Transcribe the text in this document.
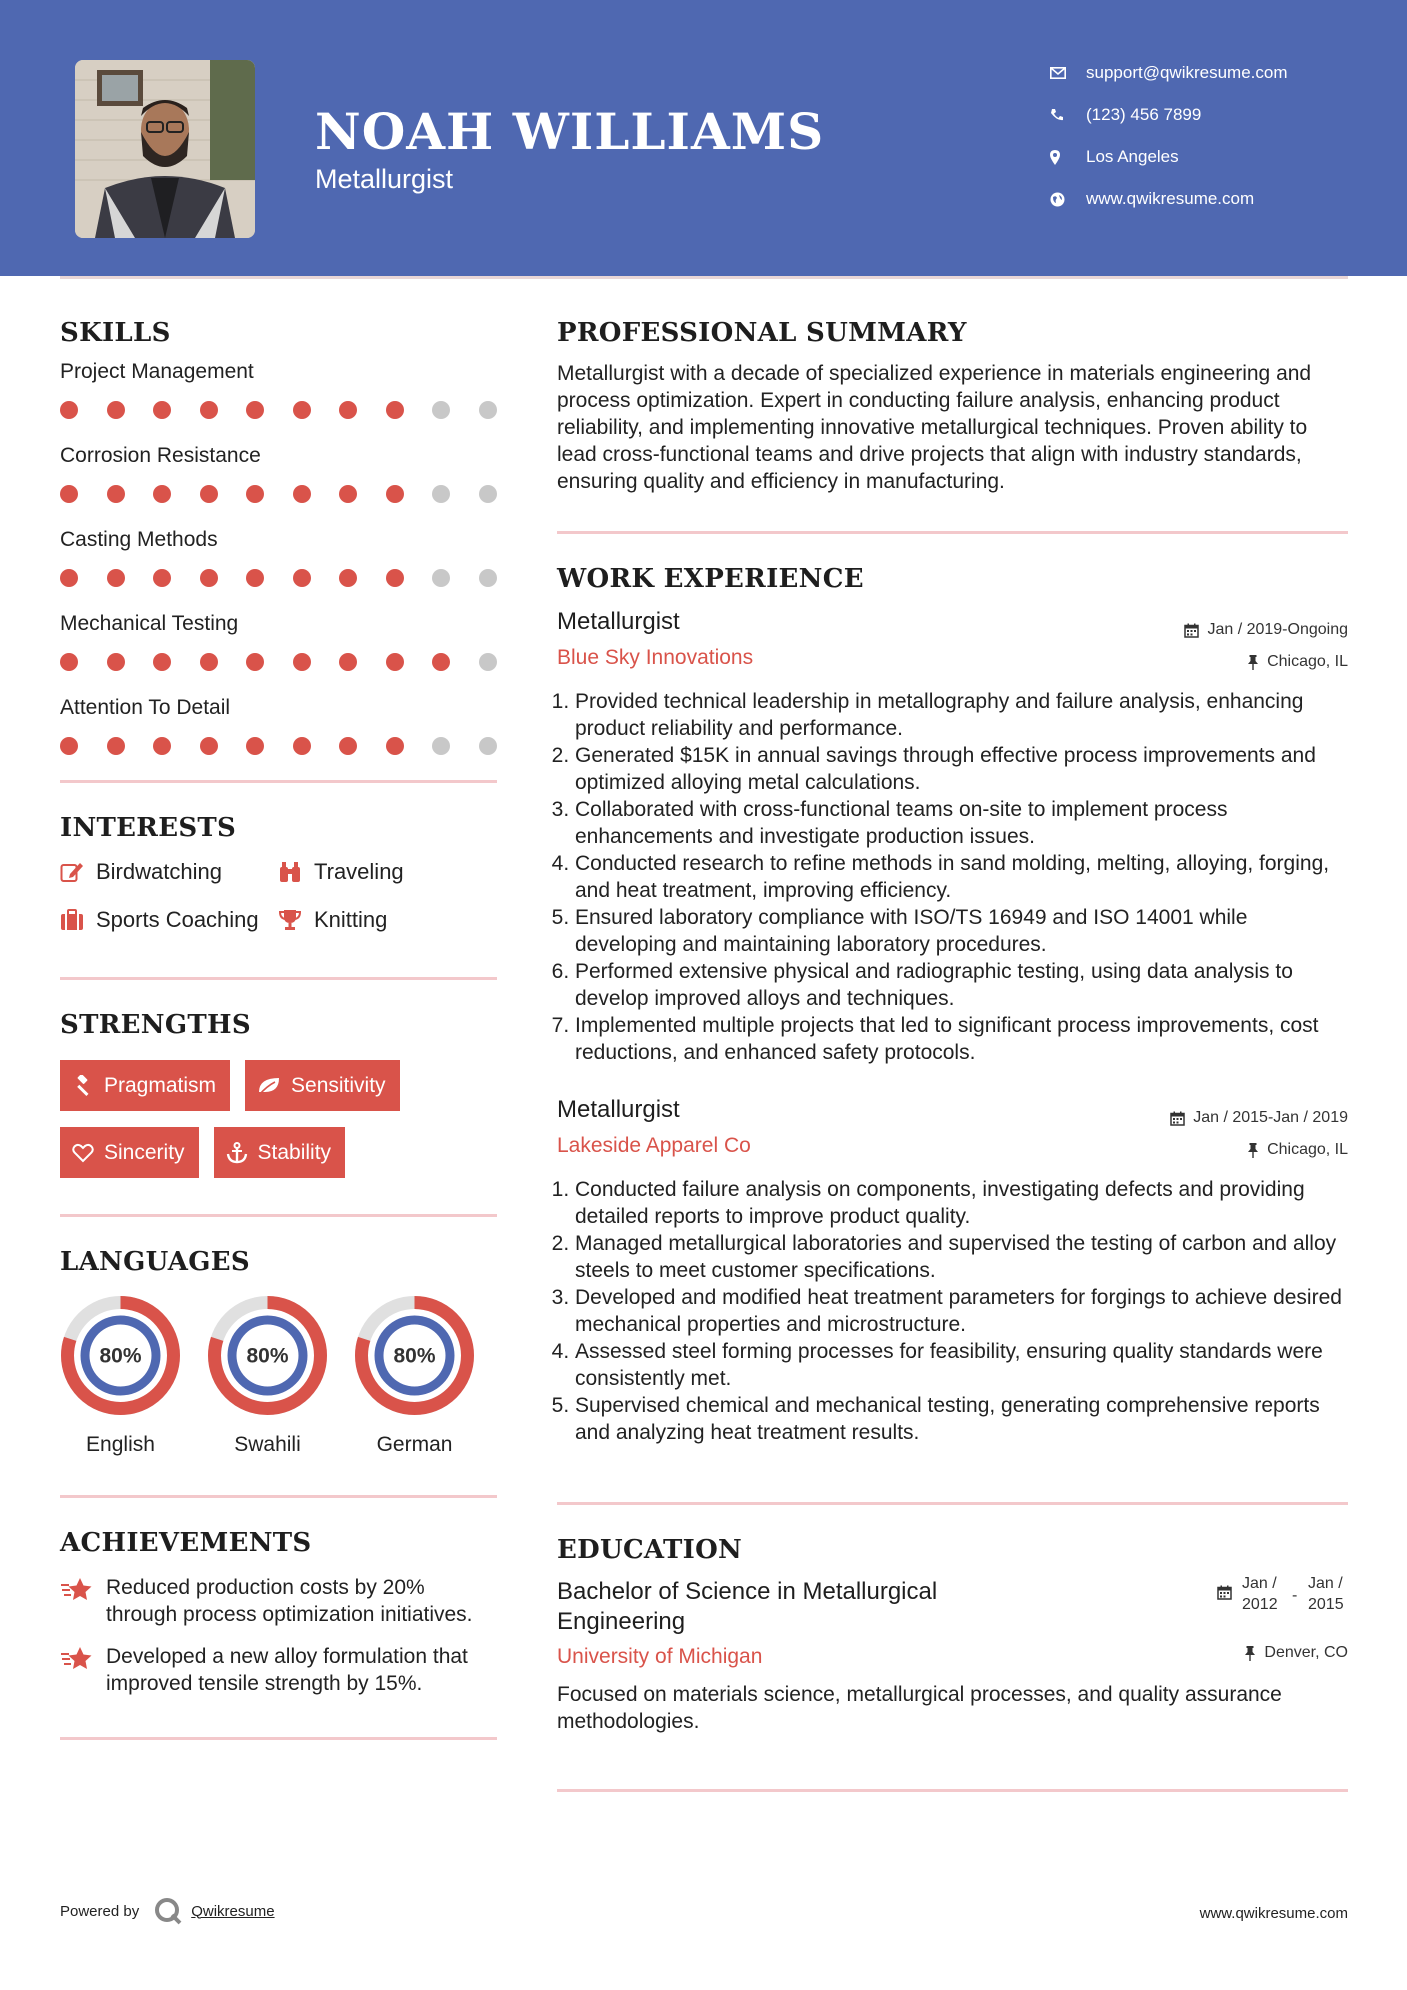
NOAH WILLIAMS
Metallurgist
support@qwikresume.com
(123) 456 7899
Los Angeles
www.qwikresume.com
SKILLS
Project Management
Corrosion Resistance
Casting Methods
Mechanical Testing
Attention To Detail
INTERESTS
Birdwatching	Traveling
Sports Coaching	Knitting
STRENGTHS
Pragmatism	Sensitivity
Sincerity	Stability
LANGUAGES
80%
English
80%
Swahili
80%
German
ACHIEVEMENTS
Reduced production costs by 20% through process optimization initiatives.
Developed a new alloy formulation that improved tensile strength by 15%.
PROFESSIONAL SUMMARY

Metallurgist with a decade of specialized experience in materials engineering and process optimization. Expert in conducting failure analysis, enhancing product reliability, and implementing innovative metallurgical techniques. Proven ability to lead cross-functional teams and drive projects that align with industry standards, ensuring quality and efficiency in manufacturing.

WORK EXPERIENCE
Metallurgist
Blue Sky Innovations
Jan / 2019-Ongoing
Chicago, IL
1. Provided technical leadership in metallography and failure analysis, enhancing product reliability and performance.
2. Generated $15K in annual savings through effective process improvements and optimized alloying metal calculations.
3. Collaborated with cross-functional teams on-site to implement process enhancements and investigate production issues.
4. Conducted research to refine methods in sand molding, melting, alloying, forging, and heat treatment, improving efficiency.
5. Ensured laboratory compliance with ISO/TS 16949 and ISO 14001 while developing and maintaining laboratory procedures.
6. Performed extensive physical and radiographic testing, using data analysis to develop improved alloys and techniques.
7. Implemented multiple projects that led to significant process improvements, cost reductions, and enhanced safety protocols.
Metallurgist
Lakeside Apparel Co
Jan / 2015-Jan / 2019
Chicago, IL
1. Conducted failure analysis on components, investigating defects and providing detailed reports to improve product quality.
2. Managed metallurgical laboratories and supervised the testing of carbon and alloy steels to meet customer specifications.
3. Developed and modified heat treatment parameters for forgings to achieve desired mechanical properties and microstructure.
4. Assessed steel forming processes for feasibility, ensuring quality standards were consistently met.
5. Supervised chemical and mechanical testing, generating comprehensive reports and analyzing heat treatment results.
EDUCATION
Bachelor of Science in Metallurgical Engineering
University of Michigan
Jan / 2012
-
Jan / 2015
Denver, CO

Focused on materials science, metallurgical processes, and quality assurance methodologies.

Powered by	Qwikresume	www.qwikresume.com
